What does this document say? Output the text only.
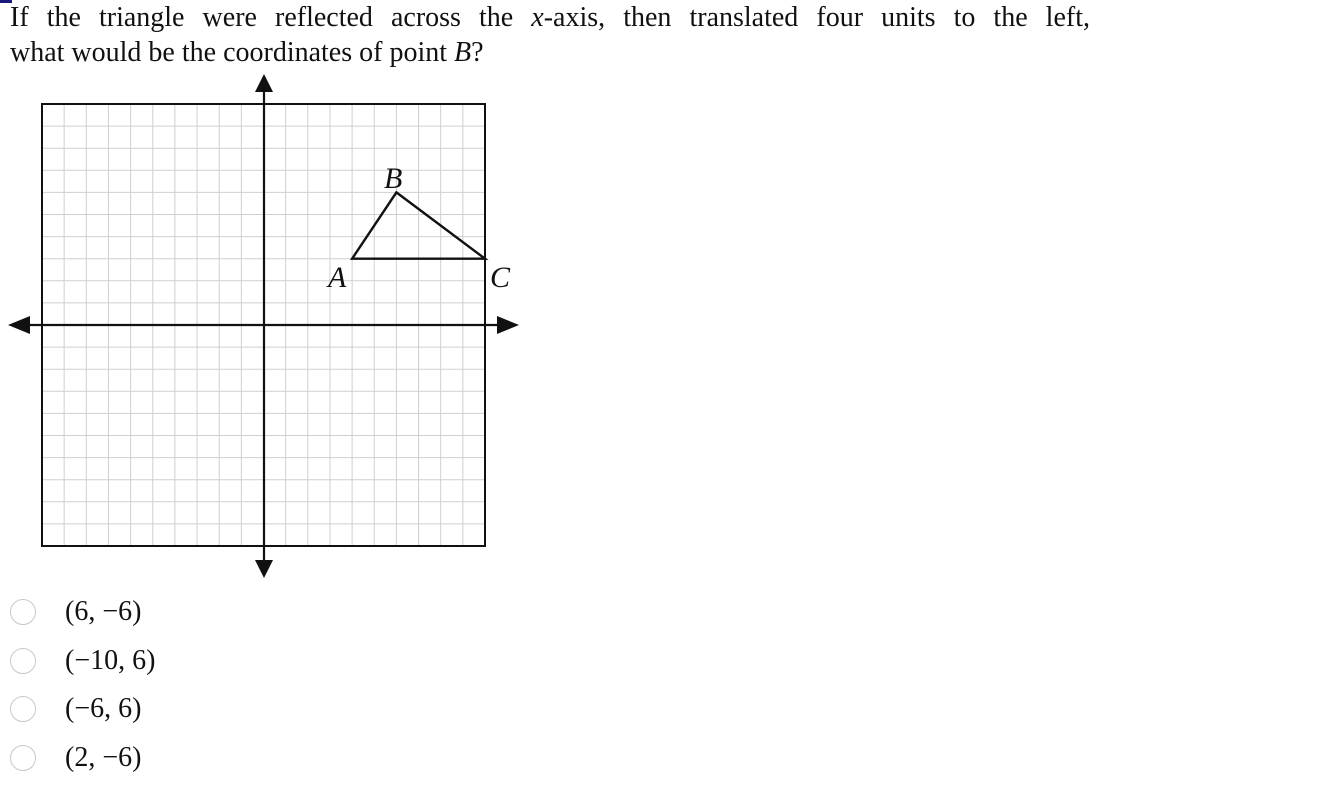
If the triangle were reflected across the x-axis, then translated four units to the left,
what would be the coordinates of point B?
A
B
C
(6, −6)
(−10, 6)
(−6, 6)
(2, −6)
